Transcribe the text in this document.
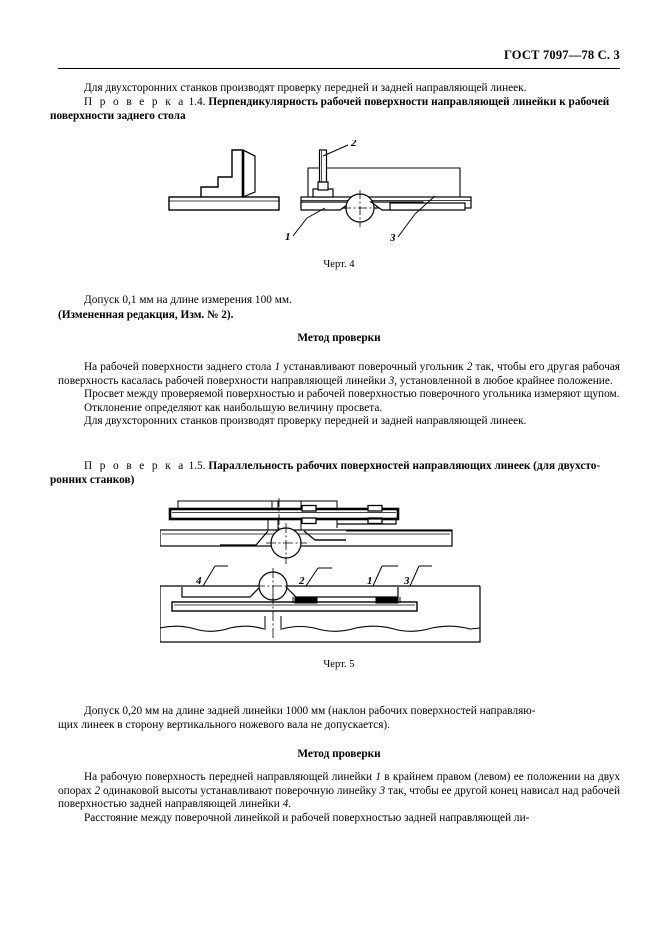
ГОСТ 7097—78 С. 3

Для двухсторонних станков производят проверку передней и задней направляющей линеек.

П р о в е р к а 1.4. Перпендикулярность рабочей поверхности направляющей линейки к рабочей

поверхности заднего стола

2
1	3
Черт. 4

Допуск 0,1 мм на длине измерения 100 мм.

(Измененная редакция, Изм. № 2).

Метод проверки

На рабочей поверхности заднего стола 1 устанавливают поверочный угольник 2 так, чтобы его другая рабочая поверхность касалась рабочей поверхности направляющей линейки 3, установленной в любое крайнее положение.

Просвет между проверяемой поверхностью и рабочей поверхностью поверочного угольника измеряют щупом.

Отклонение определяют как наибольшую величину просвета.

Для двухсторонних станков производят проверку передней и задней направляющей линеек.

П р о в е р к а 1.5. Параллельность рабочих поверхностей направляющих линеек (для двухсто-

ронних станков)

4	2	1	3
Черт. 5

Допуск 0,20 мм на длине задней линейки 1000 мм (наклон рабочих поверхностей направляю-

щих линеек в сторону вертикального ножевого вала не допускается).

Метод проверки

На рабочую поверхность передней направляющей линейки 1 в крайнем правом (левом) ее положении на двух опорах 2 одинаковой высоты устанавливают поверочную линейку 3 так, чтобы ее другой конец нависал над рабочей поверхностью задней направляющей линейки 4.

Расстояние между поверочной линейкой и рабочей поверхностью задней направляющей ли-
